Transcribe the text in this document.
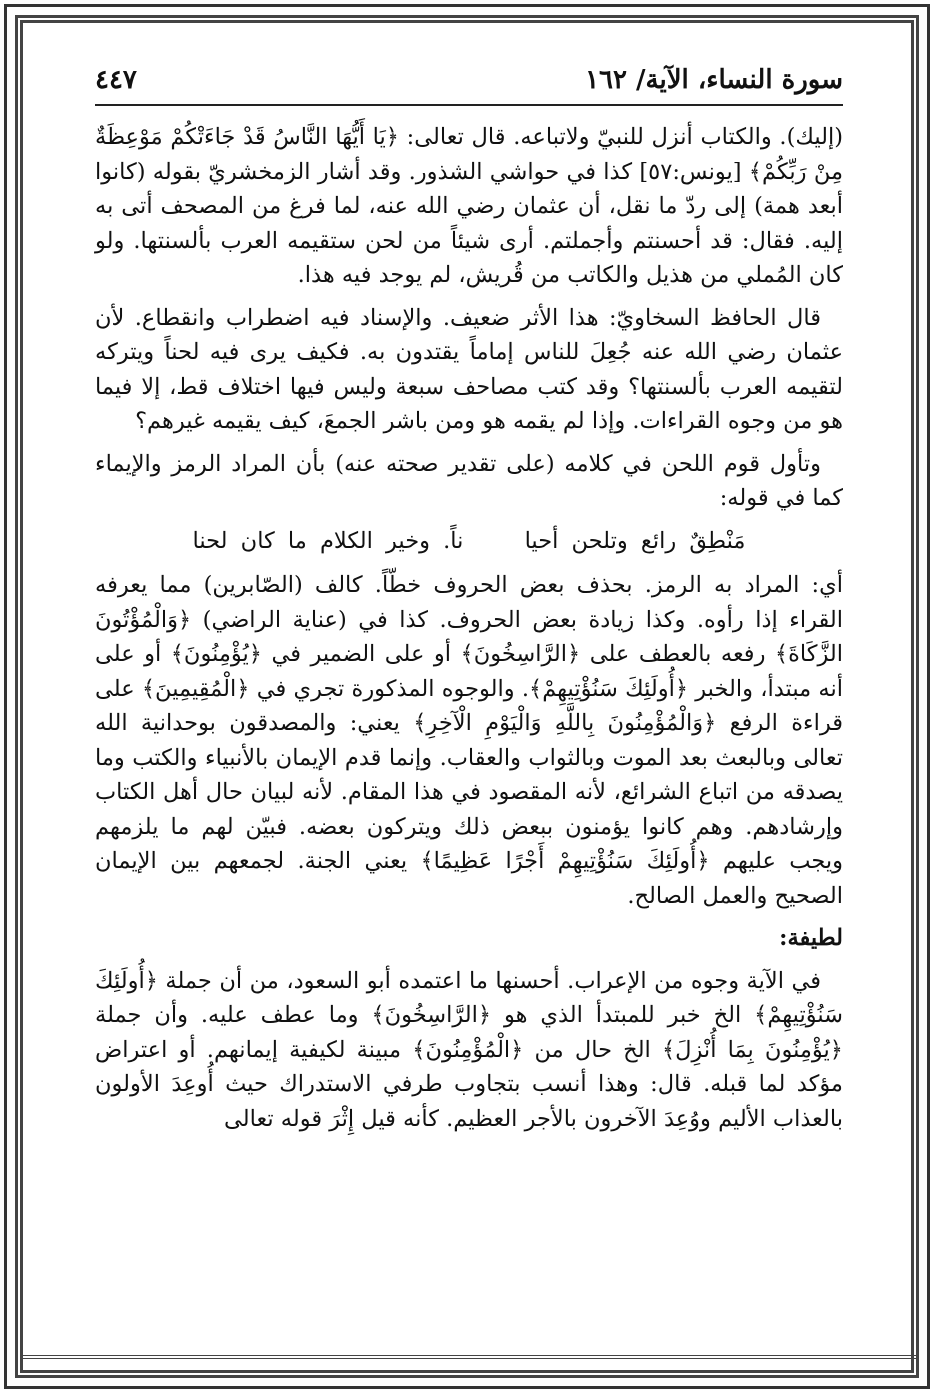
سورة النساء، الآية/ ١٦٢
٤٤٧

(إليك). والكتاب أنزل للنبيّ ولاتباعه. قال تعالى: ﴿يَا أَيُّهَا النَّاسُ قَدْ جَاءَتْكُمْ مَوْعِظَةٌ مِنْ رَبِّكُمْ﴾ [يونس:٥٧] كذا في حواشي الشذور. وقد أشار الزمخشريّ بقوله (كانوا أبعد همة) إلى ردّ ما نقل، أن عثمان رضي الله عنه، لما فرغ من المصحف أتى به إليه. فقال: قد أحسنتم وأجملتم. أرى شيئاً من لحن ستقيمه العرب بألسنتها. ولو كان المُملي من هذيل والكاتب من قُريش، لم يوجد فيه هذا.

قال الحافظ السخاويّ: هذا الأثر ضعيف. والإسناد فيه اضطراب وانقطاع. لأن عثمان رضي الله عنه جُعِلَ للناس إماماً يقتدون به. فكيف يرى فيه لحناً ويتركه لتقيمه العرب بألسنتها؟ وقد كتب مصاحف سبعة وليس فيها اختلاف قط، إلا فيما هو من وجوه القراءات. وإذا لم يقمه هو ومن باشر الجمعَ، كيف يقيمه غيرهم؟

وتأول قوم اللحن في كلامه (على تقدير صحته عنه) بأن المراد الرمز والإيماء كما في قوله:

مَنْطِقٌ رائع وتلحن أحيا ناً. وخير الكلام ما كان لحنا

أي: المراد به الرمز. بحذف بعض الحروف خطّاً. كالف (الصّابرين) مما يعرفه القراء إذا رأوه. وكذا زيادة بعض الحروف. كذا في (عناية الراضي) ﴿وَالْمُؤْتُونَ الزَّكَاةَ﴾ رفعه بالعطف على ﴿الرَّاسِخُونَ﴾ أو على الضمير في ﴿يُؤْمِنُونَ﴾ أو على أنه مبتدأ، والخبر ﴿أُولَئِكَ سَنُؤْتِيهِمْ﴾. والوجوه المذكورة تجري في ﴿الْمُقِيمِينَ﴾ على قراءة الرفع ﴿وَالْمُؤْمِنُونَ بِاللَّهِ وَالْيَوْمِ الْآخِرِ﴾ يعني: والمصدقون بوحدانية الله تعالى وبالبعث بعد الموت وبالثواب والعقاب. وإنما قدم الإيمان بالأنبياء والكتب وما يصدقه من اتباع الشرائع، لأنه المقصود في هذا المقام. لأنه لبيان حال أهل الكتاب وإرشادهم. وهم كانوا يؤمنون ببعض ذلك ويتركون بعضه. فبيّن لهم ما يلزمهم ويجب عليهم ﴿أُولَئِكَ سَنُؤْتِيهِمْ أَجْرًا عَظِيمًا﴾ يعني الجنة. لجمعهم بين الإيمان الصحيح والعمل الصالح.

لطيفة:

في الآية وجوه من الإعراب. أحسنها ما اعتمده أبو السعود، من أن جملة ﴿أُولَئِكَ سَنُؤْتِيهِمْ﴾ الخ خبر للمبتدأ الذي هو ﴿الرَّاسِخُونَ﴾ وما عطف عليه. وأن جملة ﴿يُؤْمِنُونَ بِمَا أُنْزِلَ﴾ الخ حال من ﴿الْمُؤْمِنُونَ﴾ مبينة لكيفية إيمانهم. أو اعتراض مؤكد لما قبله. قال: وهذا أنسب بتجاوب طرفي الاستدراك حيث أُوعِدَ الأولون بالعذاب الأليم ووُعِدَ الآخرون بالأجر العظيم. كأنه قيل إِثْرَ قوله تعالى
